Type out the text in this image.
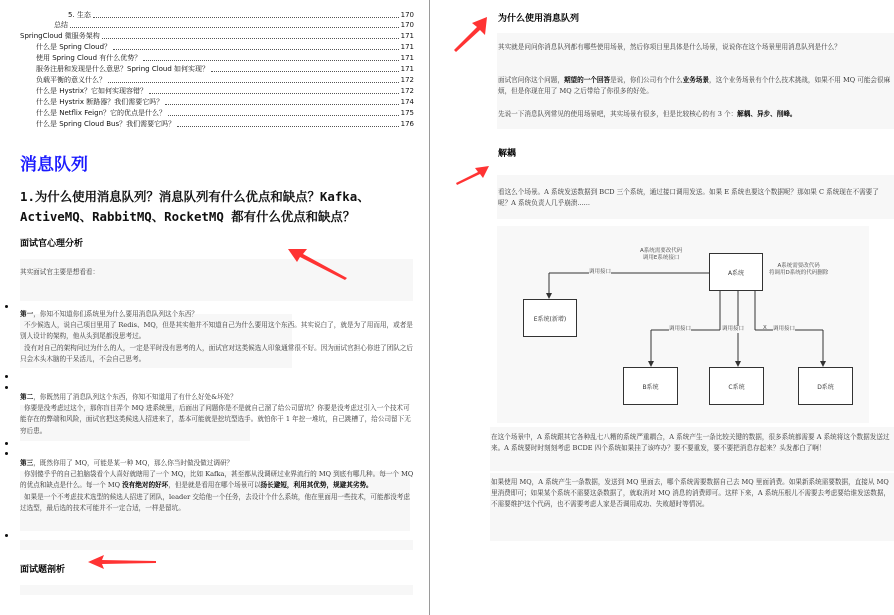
5. 生态	170
总结	170
SpringCloud 微服务架构	171
什么是 Spring Cloud？	171
使用 Spring Cloud 有什么优势？	171
服务注册和发现是什么意思？Spring Cloud 如何实现？	171
负载平衡的意义什么？	172
什么是 Hystrix？它如何实现容错？	172
什么是 Hystrix 断路器？我们需要它吗？	174
什么是 Netflix Feign？它的优点是什么？	175
什么是 Spring Cloud Bus？我们需要它吗？	176
消息队列
1.为什么使用消息队列？消息队列有什么优点和缺点？Kafka、ActiveMQ、RabbitMQ、RocketMQ 都有什么优点和缺点？
面试官心理分析
其实面试官主要是想看看：
第一，你知不知道你们系统里为什么要用消息队列这个东西？
不少候选人，说自己项目里用了 Redis、MQ，但是其实他并不知道自己为什么要用这个东西。其实说白了，就是为了用而用，或者是别人设计的架构，他从头到尾都没思考过。
没有对自己的架构问过为什么的人，一定是平时没有思考的人，面试官对这类候选人印象通常很不好。因为面试官担心你进了团队之后只会木头木脑的干呆活儿，不会自己思考。
第二，你既然用了消息队列这个东西，你知不知道用了有什么好处&坏处？
你要是没考虑过这个，那你盲目弄个 MQ 进系统里，后面出了问题你是不是就自己溜了给公司留坑？你要是没考虑过引入一个技术可能存在的弊端和风险，面试官把这类候选人招进来了，基本可能就是挖坑型选手。就怕你干 1 年挖一堆坑，自己跳槽了，给公司留下无穷后患。
第三，既然你用了 MQ，可能是某一种 MQ，那么你当时做没做过调研？
你别傻乎乎的自己拍脑袋看个人喜好就瞎用了一个 MQ，比如 Kafka，甚至都从没调研过业界流行的 MQ 到底有哪几种。每一个 MQ 的优点和缺点是什么。每一个 MQ 没有绝对的好坏，但是就是看用在哪个场景可以扬长避短，利用其优势，规避其劣势。
如果是一个不考虑技术选型的候选人招进了团队，leader 交给他一个任务，去设计个什么系统，他在里面用一些技术，可能都没考虑过选型，最后选的技术可能并不一定合适，一样是留坑。
面试题剖析
为什么使用消息队列
其实就是问问你消息队列都有哪些使用场景，然后你项目里具体是什么场景，说说你在这个场景里用消息队列是什么？
面试官问你这个问题，期望的一个回答是说，你们公司有个什么业务场景，这个业务场景有个什么技术挑战，如果不用 MQ 可能会很麻烦，但是你现在用了 MQ 之后带给了你很多的好处。
先说一下消息队列常见的使用场景吧，其实场景有很多，但是比较核心的有 3 个：解耦、异步、削峰。
解耦
看这么个场景。A 系统发送数据到 BCD 三个系统，通过接口调用发送。如果 E 系统也要这个数据呢？那如果 C 系统现在不需要了呢？A 系统负责人几乎崩溃......
在这个场景中，A 系统跟其它各种乱七八糟的系统严重耦合，A 系统产生一条比较关键的数据，很多系统都需要 A 系统将这个数据发送过来。A 系统要时时刻刻考虑 BCDE 四个系统如果挂了该咋办？要不要重发，要不要把消息存起来？头发都白了啊！
如果使用 MQ，A 系统产生一条数据，发送到 MQ 里面去，哪个系统需要数据自己去 MQ 里面消费。如果新系统需要数据，直接从 MQ 里消费即可；如果某个系统不需要这条数据了，就取消对 MQ 消息的消费即可。这样下来，A 系统压根儿不需要去考虑要给谁发送数据，不需要维护这个代码，也不需要考虑人家是否调用成功、失败超时等情况。
A系统
E系统(新增)
B系统	C系统	D系统
A系统需要改代码
调用E系统接口
A系统需要改代码
将调用D系统的代码删除
调用接口
调用接口	调用接口	X 调用接口
